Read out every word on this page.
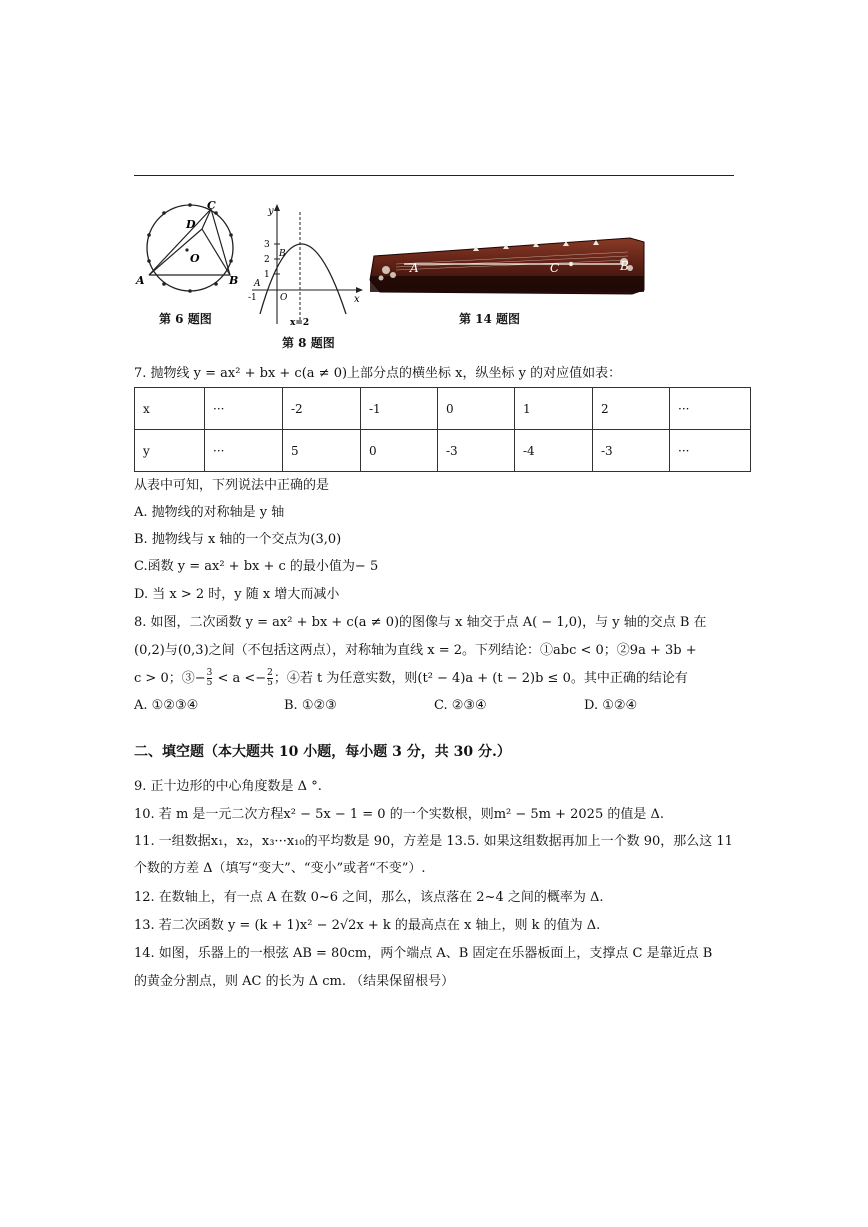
C
D
O
A	B
第 6 题图
y
x
3
B
2
1
A
-1	O
x=2
第 8 题图
A	C	B
第 14 题图
7. 抛物线 y = ax² + bx + c(a ≠ 0)上部分点的横坐标 x，纵坐标 y 的对应值如表：
x	···	-2	-1	0	1	2	···
y	···	5	0	-3	-4	-3	···
从表中可知，下列说法中正确的是
A. 抛物线的对称轴是 y 轴
B. 抛物线与 x 轴的一个交点为(3,0)
C.函数 y = ax² + bx + c 的最小值为− 5
D. 当 x > 2 时，y 随 x 增大而减小
8. 如图，二次函数 y = ax² + bx + c(a ≠ 0)的图像与 x 轴交于点 A( − 1,0)，与 y 轴的交点 B 在
(0,2)与(0,3)之间（不包括这两点），对称轴为直线 x = 2。下列结论：①abc < 0；②9a + 3b +
c > 0；③− $\frac{3}{5} < a <- \frac{2}{5}$ ；④若 t 为任意实数，则(t² − 4)a + (t − 2)b ≤ 0。其中正确的结论有
A. ①②③④	B. ①②③	C. ②③④	D. ①②④
二、填空题（本大题共 10 小题，每小题 3 分，共 30 分.）
9. 正十边形的中心角度数是 Δ °.
10. 若 m 是一元二次方程x² − 5x − 1 = 0 的一个实数根，则m² − 5m + 2025 的值是 Δ.
11. 一组数据x₁，x₂，x₃···x₁₀的平均数是 90，方差是 13.5. 如果这组数据再加上一个数 90，那么这 11
个数的方差 Δ（填写“变大”、“变小”或者“不变”）.
12. 在数轴上，有一点 A 在数 0~6 之间，那么，该点落在 2~4 之间的概率为 Δ.
13. 若二次函数 y = (k + 1)x² − 2√2x + k 的最高点在 x 轴上，则 k 的值为 Δ.
14. 如图，乐器上的一根弦 AB = 80cm，两个端点 A、B 固定在乐器板面上，支撑点 C 是靠近点 B
的黄金分割点，则 AC 的长为 Δ cm. （结果保留根号）
